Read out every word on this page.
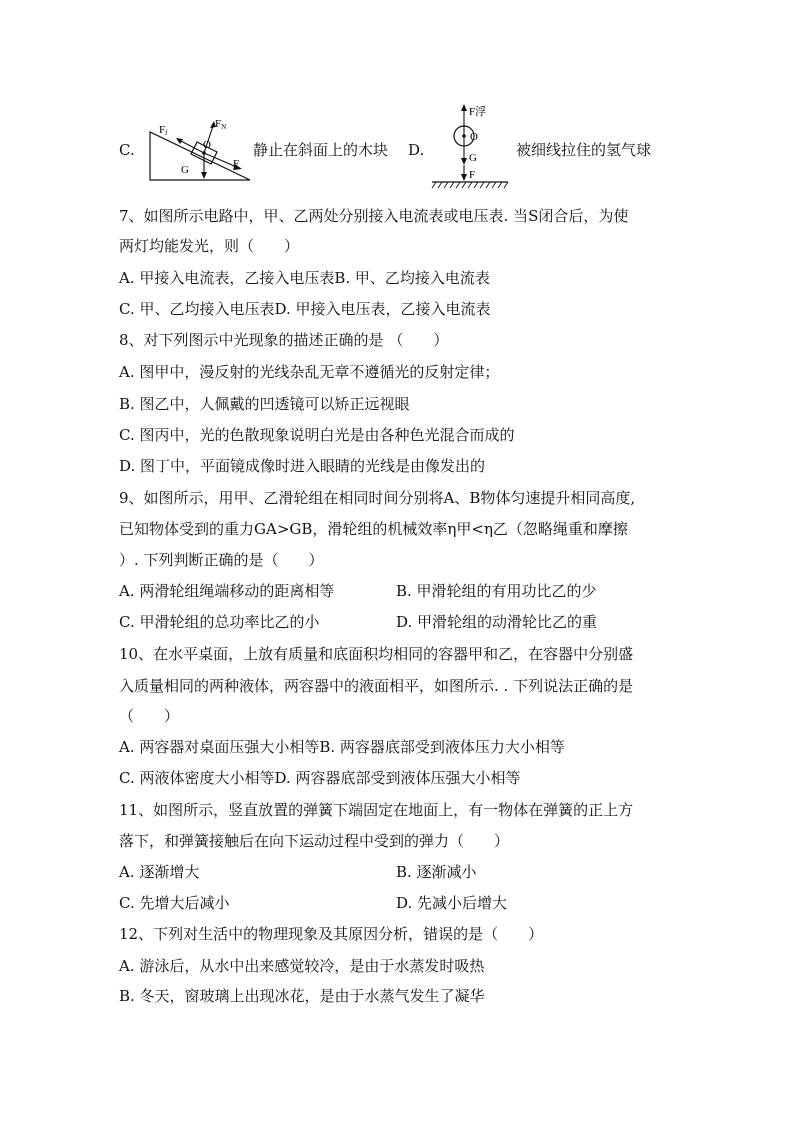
C.
Ff
FN
O
G	F
静止在斜面上的木块 D.
F浮
O
G
F
被细线拉住的氢气球
7、如图所示电路中，甲、乙两处分别接入电流表或电压表. 当S闭合后，为使
两灯均能发光，则（　　）
A. 甲接入电流表，乙接入电压表B. 甲、乙均接入电流表
C. 甲、乙均接入电压表D. 甲接入电压表，乙接入电流表
8、对下列图示中光现象的描述正确的是 （　　）
A. 图甲中，漫反射的光线杂乱无章不遵循光的反射定律；
B. 图乙中，人佩戴的凹透镜可以矫正远视眼
C. 图丙中，光的色散现象说明白光是由各种色光混合而成的
D. 图丁中，平面镜成像时进入眼睛的光线是由像发出的
9、如图所示，用甲、乙滑轮组在相同时间分别将A、B物体匀速提升相同高度,
已知物体受到的重力GA>GB，滑轮组的机械效率η甲<η乙（忽略绳重和摩擦
）. 下列判断正确的是（　　）
A. 两滑轮组绳端移动的距离相等	B. 甲滑轮组的有用功比乙的少
C. 甲滑轮组的总功率比乙的小	D. 甲滑轮组的动滑轮比乙的重
10、在水平桌面，上放有质量和底面积均相同的容器甲和乙，在容器中分别盛
入质量相同的两种液体，两容器中的液面相平，如图所示. . 下列说法正确的是
（　　）
A. 两容器对桌面压强大小相等B. 两容器底部受到液体压力大小相等
C. 两液体密度大小相等D. 两容器底部受到液体压强大小相等
11、如图所示，竖直放置的弹簧下端固定在地面上，有一物体在弹簧的正上方
落下，和弹簧接触后在向下运动过程中受到的弹力（　　）
A. 逐渐增大	B. 逐渐减小
C. 先增大后减小	D. 先减小后增大
12、下列对生活中的物理现象及其原因分析，错误的是（　　）
A. 游泳后，从水中出来感觉较冷，是由于水蒸发时吸热
B. 冬天，窗玻璃上出现冰花，是由于水蒸气发生了凝华
